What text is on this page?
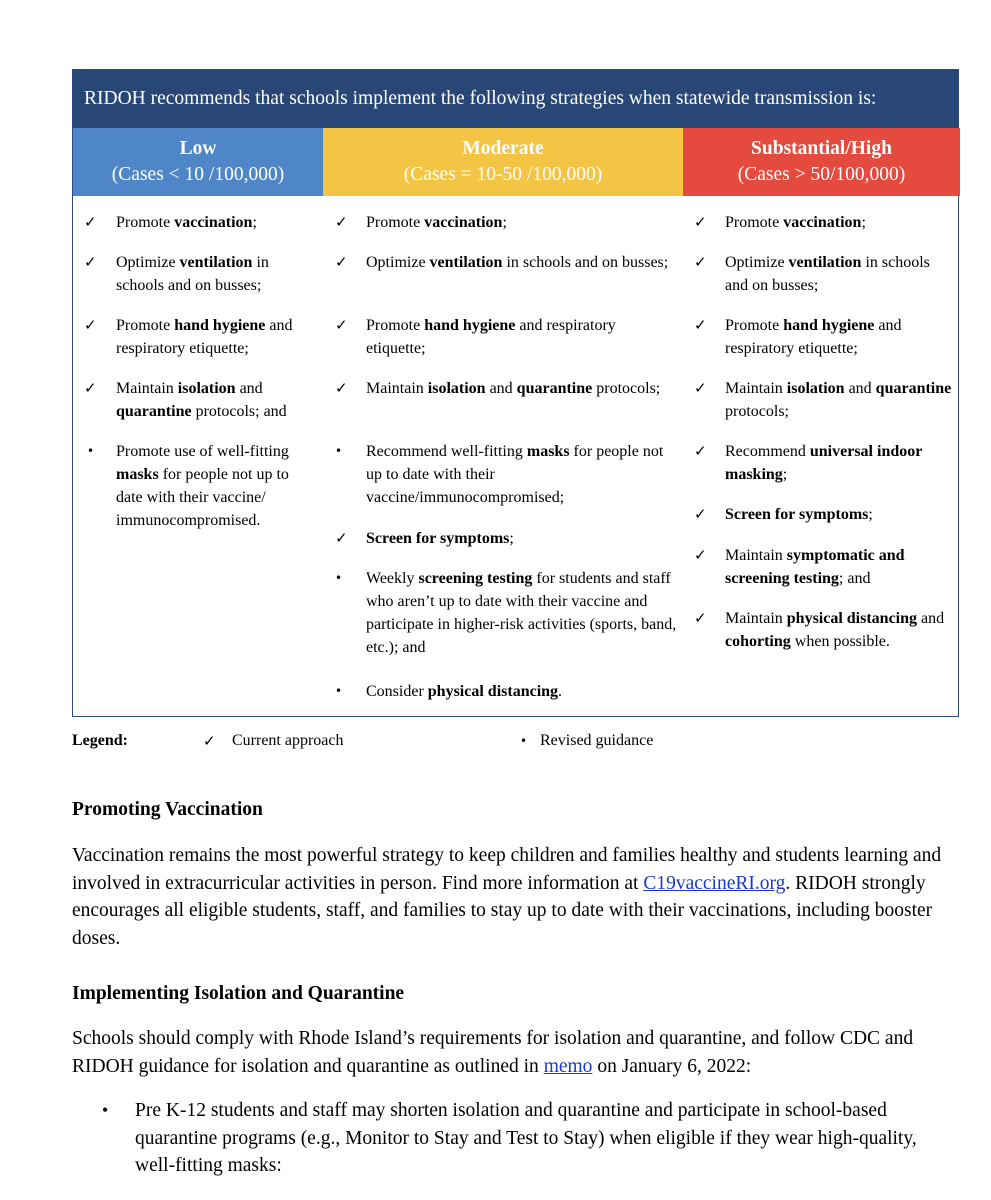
RIDOH recommends that schools implement the following strategies when statewide transmission is:
Low
(Cases < 10 /100,000)
Moderate
(Cases = 10-50 /100,000)
Substantial/High
(Cases > 50/100,000)
✓	Promote vaccination;
✓	Optimize ventilation in schools and on busses;
✓	Promote hand hygiene and respiratory etiquette;
✓	Maintain isolation and quarantine protocols; and
•	Promote use of well-fitting masks for people not up to date with their vaccine/ immunocompromised.
✓	Promote vaccination;
✓	Optimize ventilation in schools and on busses;
✓	Promote hand hygiene and respiratory etiquette;
✓	Maintain isolation and quarantine protocols;
•	Recommend well-fitting masks for people not up to date with their vaccine/immunocompromised;
✓	Screen for symptoms;
•	Weekly screening testing for students and staff who aren’t up to date with their vaccine and participate in higher-risk activities (sports, band, etc.); and
•	Consider physical distancing.
✓	Promote vaccination;
✓	Optimize ventilation in schools and on busses;
✓	Promote hand hygiene and respiratory etiquette;
✓	Maintain isolation and quarantine protocols;
✓	Recommend universal indoor masking;
✓	Screen for symptoms;
✓	Maintain symptomatic and screening testing; and
✓	Maintain physical distancing and cohorting when possible.
Legend:	✓ Current approach	• Revised guidance
Promoting Vaccination
Vaccination remains the most powerful strategy to keep children and families healthy and students learning and involved in extracurricular activities in person. Find more information at C19vaccineRI.org. RIDOH strongly encourages all eligible students, staff, and families to stay up to date with their vaccinations, including booster doses.
Implementing Isolation and Quarantine
Schools should comply with Rhode Island’s requirements for isolation and quarantine, and follow CDC and RIDOH guidance for isolation and quarantine as outlined in memo on January 6, 2022:
• Pre K-12 students and staff may shorten isolation and quarantine and participate in school-based quarantine programs (e.g., Monitor to Stay and Test to Stay) when eligible if they wear high-quality, well-fitting masks:
